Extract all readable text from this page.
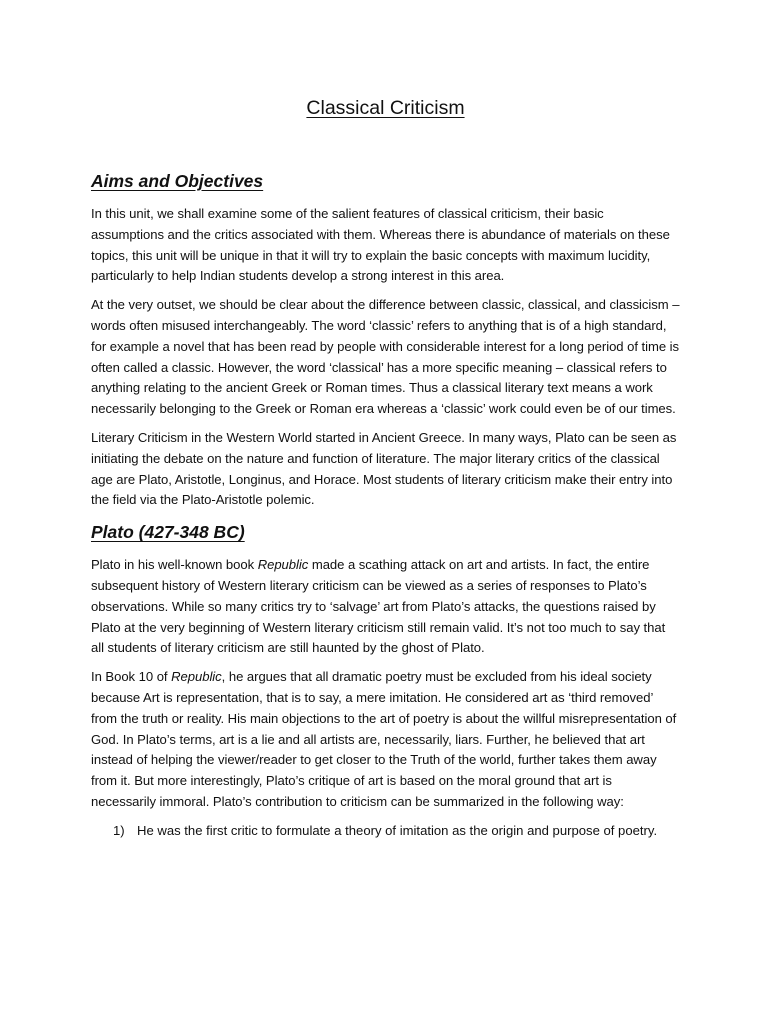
Classical Criticism
Aims and Objectives

In this unit, we shall examine some of the salient features of classical criticism, their basic assumptions and the critics associated with them. Whereas there is abundance of materials on these topics, this unit will be unique in that it will try to explain the basic concepts with maximum lucidity, particularly to help Indian students develop a strong interest in this area.

At the very outset, we should be clear about the difference between classic, classical, and classicism – words often misused interchangeably. The word ‘classic’ refers to anything that is of a high standard, for example a novel that has been read by people with considerable interest for a long period of time is often called a classic. However, the word ‘classical’ has a more specific meaning – classical refers to anything relating to the ancient Greek or Roman times. Thus a classical literary text means a work necessarily belonging to the Greek or Roman era whereas a ‘classic’ work could even be of our times.

Literary Criticism in the Western World started in Ancient Greece. In many ways, Plato can be seen as initiating the debate on the nature and function of literature. The major literary critics of the classical age are Plato, Aristotle, Longinus, and Horace. Most students of literary criticism make their entry into the field via the Plato-Aristotle polemic.

Plato (427-348 BC)

Plato in his well-known book Republic made a scathing attack on art and artists. In fact, the entire subsequent history of Western literary criticism can be viewed as a series of responses to Plato’s observations. While so many critics try to ‘salvage’ art from Plato’s attacks, the questions raised by Plato at the very beginning of Western literary criticism still remain valid. It’s not too much to say that all students of literary criticism are still haunted by the ghost of Plato.

In Book 10 of Republic, he argues that all dramatic poetry must be excluded from his ideal society because Art is representation, that is to say, a mere imitation. He considered art as ‘third removed’ from the truth or reality. His main objections to the art of poetry is about the willful misrepresentation of God. In Plato’s terms, art is a lie and all artists are, necessarily, liars. Further, he believed that art instead of helping the viewer/reader to get closer to the Truth of the world, further takes them away from it. But more interestingly, Plato’s critique of art is based on the moral ground that art is necessarily immoral. Plato’s contribution to criticism can be summarized in the following way:

1) He was the first critic to formulate a theory of imitation as the origin and purpose of poetry.
